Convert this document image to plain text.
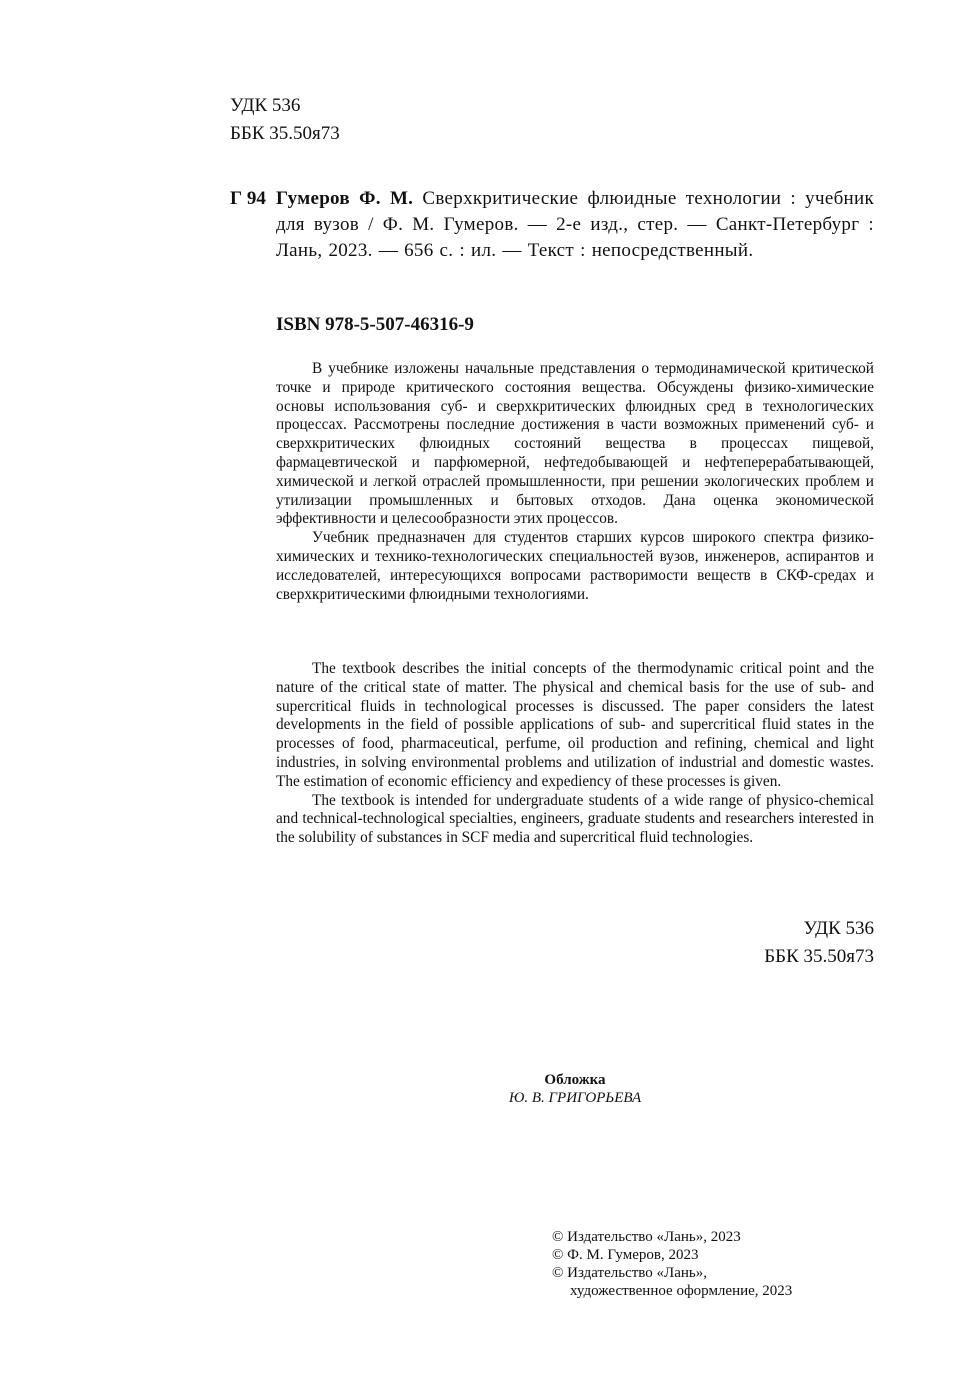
УДК 536
ББК 35.50я73
Г 94 Гумеров Ф. М. Сверхкритические флюидные технологии : учебник для вузов / Ф. М. Гумеров. — 2-е изд., стер. — Санкт-Петербург : Лань, 2023. — 656 с. : ил. — Текст : непосредственный.
ISBN 978-5-507-46316-9

В учебнике изложены начальные представления о термодинамической критической точке и природе критического состояния вещества. Обсуждены физико-химические основы использования суб- и сверхкритических флюидных сред в технологических процессах. Рассмотрены последние достижения в части возможных применений суб- и сверхкритических флюидных состояний вещества в процессах пищевой, фармацевтической и парфюмерной, нефтедобывающей и нефтеперерабатывающей, химической и легкой отраслей промышленности, при решении экологических проблем и утилизации промышленных и бытовых отходов. Дана оценка экономической эффективности и целесообразности этих процессов.

Учебник предназначен для студентов старших курсов широкого спектра физико-химических и технико-технологических специальностей вузов, инженеров, аспирантов и исследователей, интересующихся вопросами растворимости веществ в СКФ-средах и сверхкритическими флюидными технологиями.

The textbook describes the initial concepts of the thermodynamic critical point and the nature of the critical state of matter. The physical and chemical basis for the use of sub- and supercritical fluids in technological processes is discussed. The paper considers the latest developments in the field of possible applications of sub- and supercritical fluid states in the processes of food, pharmaceutical, perfume, oil production and refining, chemical and light industries, in solving environmental problems and utilization of industrial and domestic wastes. The estimation of economic efficiency and expediency of these processes is given.

The textbook is intended for undergraduate students of a wide range of physico-chemical and technical-technological specialties, engineers, graduate students and researchers interested in the solubility of substances in SCF media and supercritical fluid technologies.

УДК 536
ББК 35.50я73
Обложка
Ю. В. ГРИГОРЬЕВА
© Издательство «Лань», 2023
© Ф. М. Гумеров, 2023
© Издательство «Лань»,
художественное оформление, 2023
